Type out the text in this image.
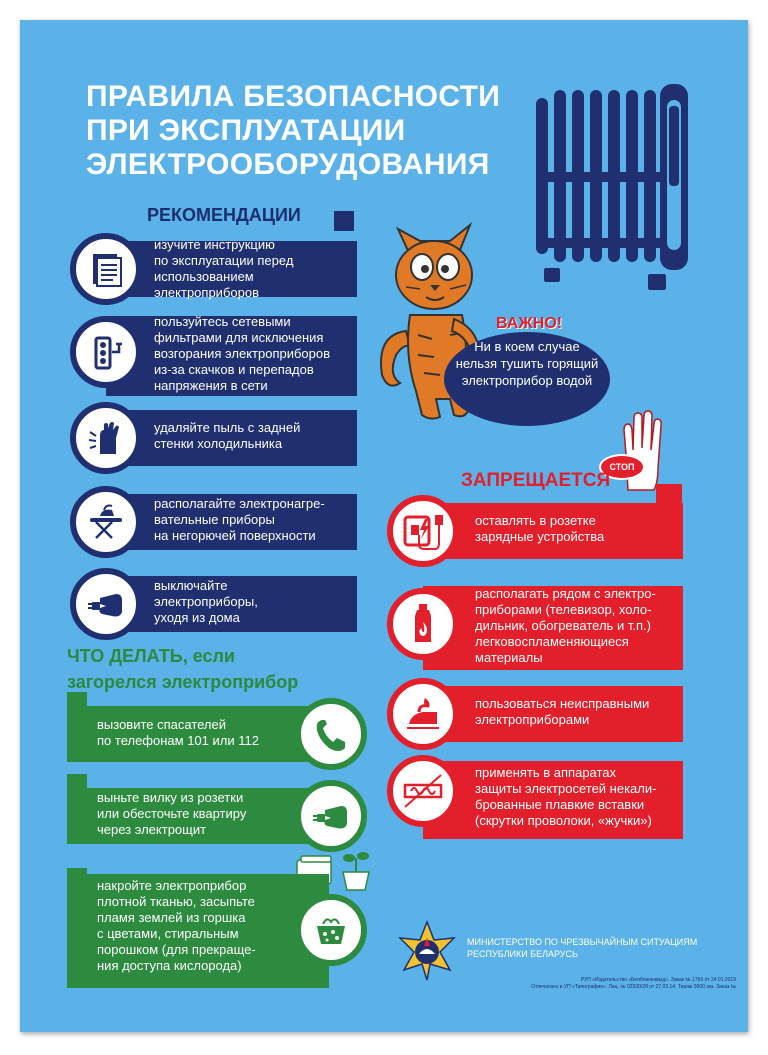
ПРАВИЛА БЕЗОПАСНОСТИ
ПРИ ЭКСПЛУАТАЦИИ
ЭЛЕКТРООБОРУДОВАНИЯ
РЕКОМЕНДАЦИИ
изучите инструкцию
по эксплуатации перед
использованием
электроприборов
пользуйтесь сетевыми
фильтрами для исключения
возгорания электроприборов
из-за скачков и перепадов
напряжения в сети
удаляйте пыль с задней
стенки холодильника
располагайте электронагре-
вательные приборы
на негорючей поверхности
выключайте
электроприборы,
уходя из дома
ВАЖНО!
Ни в коем случае
нельзя тушить горящий
электроприбор водой
СТОП
ЗАПРЕЩАЕТСЯ
оставлять в розетке
зарядные устройства
располагать рядом с электро-
приборами (телевизор, холо-
дильник, обогреватель и т.п.)
легковоспламеняющиеся
материалы
пользоваться неисправными
электроприборами
применять в аппаратах
защиты электросетей некали-
брованные плавкие вставки
(скрутки проволоки, «жучки»)
ЧТО ДЕЛАТЬ, если
загорелся электроприбор
вызовите спасателей
по телефонам 101 или 112
выньте вилку из розетки
или обесточьте квартиру
через электрощит
накройте электроприбор
плотной тканью, засыпьте
пламя землей из горшка
с цветами, стиральным
порошком (для прекраще-
ния доступа кислорода)
МИНИСТЕРСТВО ПО ЧРЕЗВЫЧАЙНЫМ СИТУАЦИЯМ
РЕСПУБЛИКИ БЕЛАРУСЬ
РУП «Издательство «Белбланкавыд». Заказ № 1765 от 24.01.2019
Отпечатано в УП «Типография». Лиц. № 02330/28 от 27.03.14. Тираж 5000 экз. Заказ №
